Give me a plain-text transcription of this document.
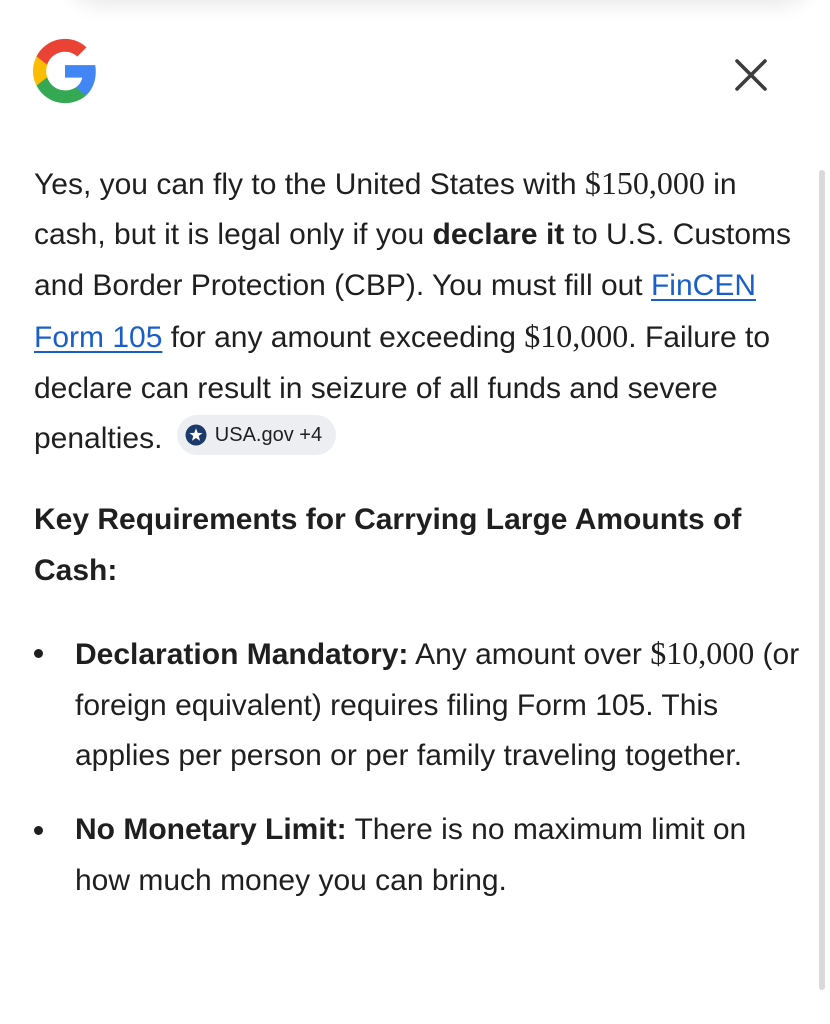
Yes, you can fly to the United States with $150,000 in cash, but it is legal only if you declare it to U.S. Customs and Border Protection (CBP). You must fill out FinCEN Form 105 for any amount exceeding $10,000. Failure to declare can result in seizure of all funds and severe penalties.	USA.gov +4

Key Requirements for Carrying Large Amounts of Cash:
Declaration Mandatory: Any amount over $10,000 (or foreign equivalent) requires filing Form 105. This applies per person or per family traveling together.
No Monetary Limit: There is no maximum limit on how much money you can bring.
